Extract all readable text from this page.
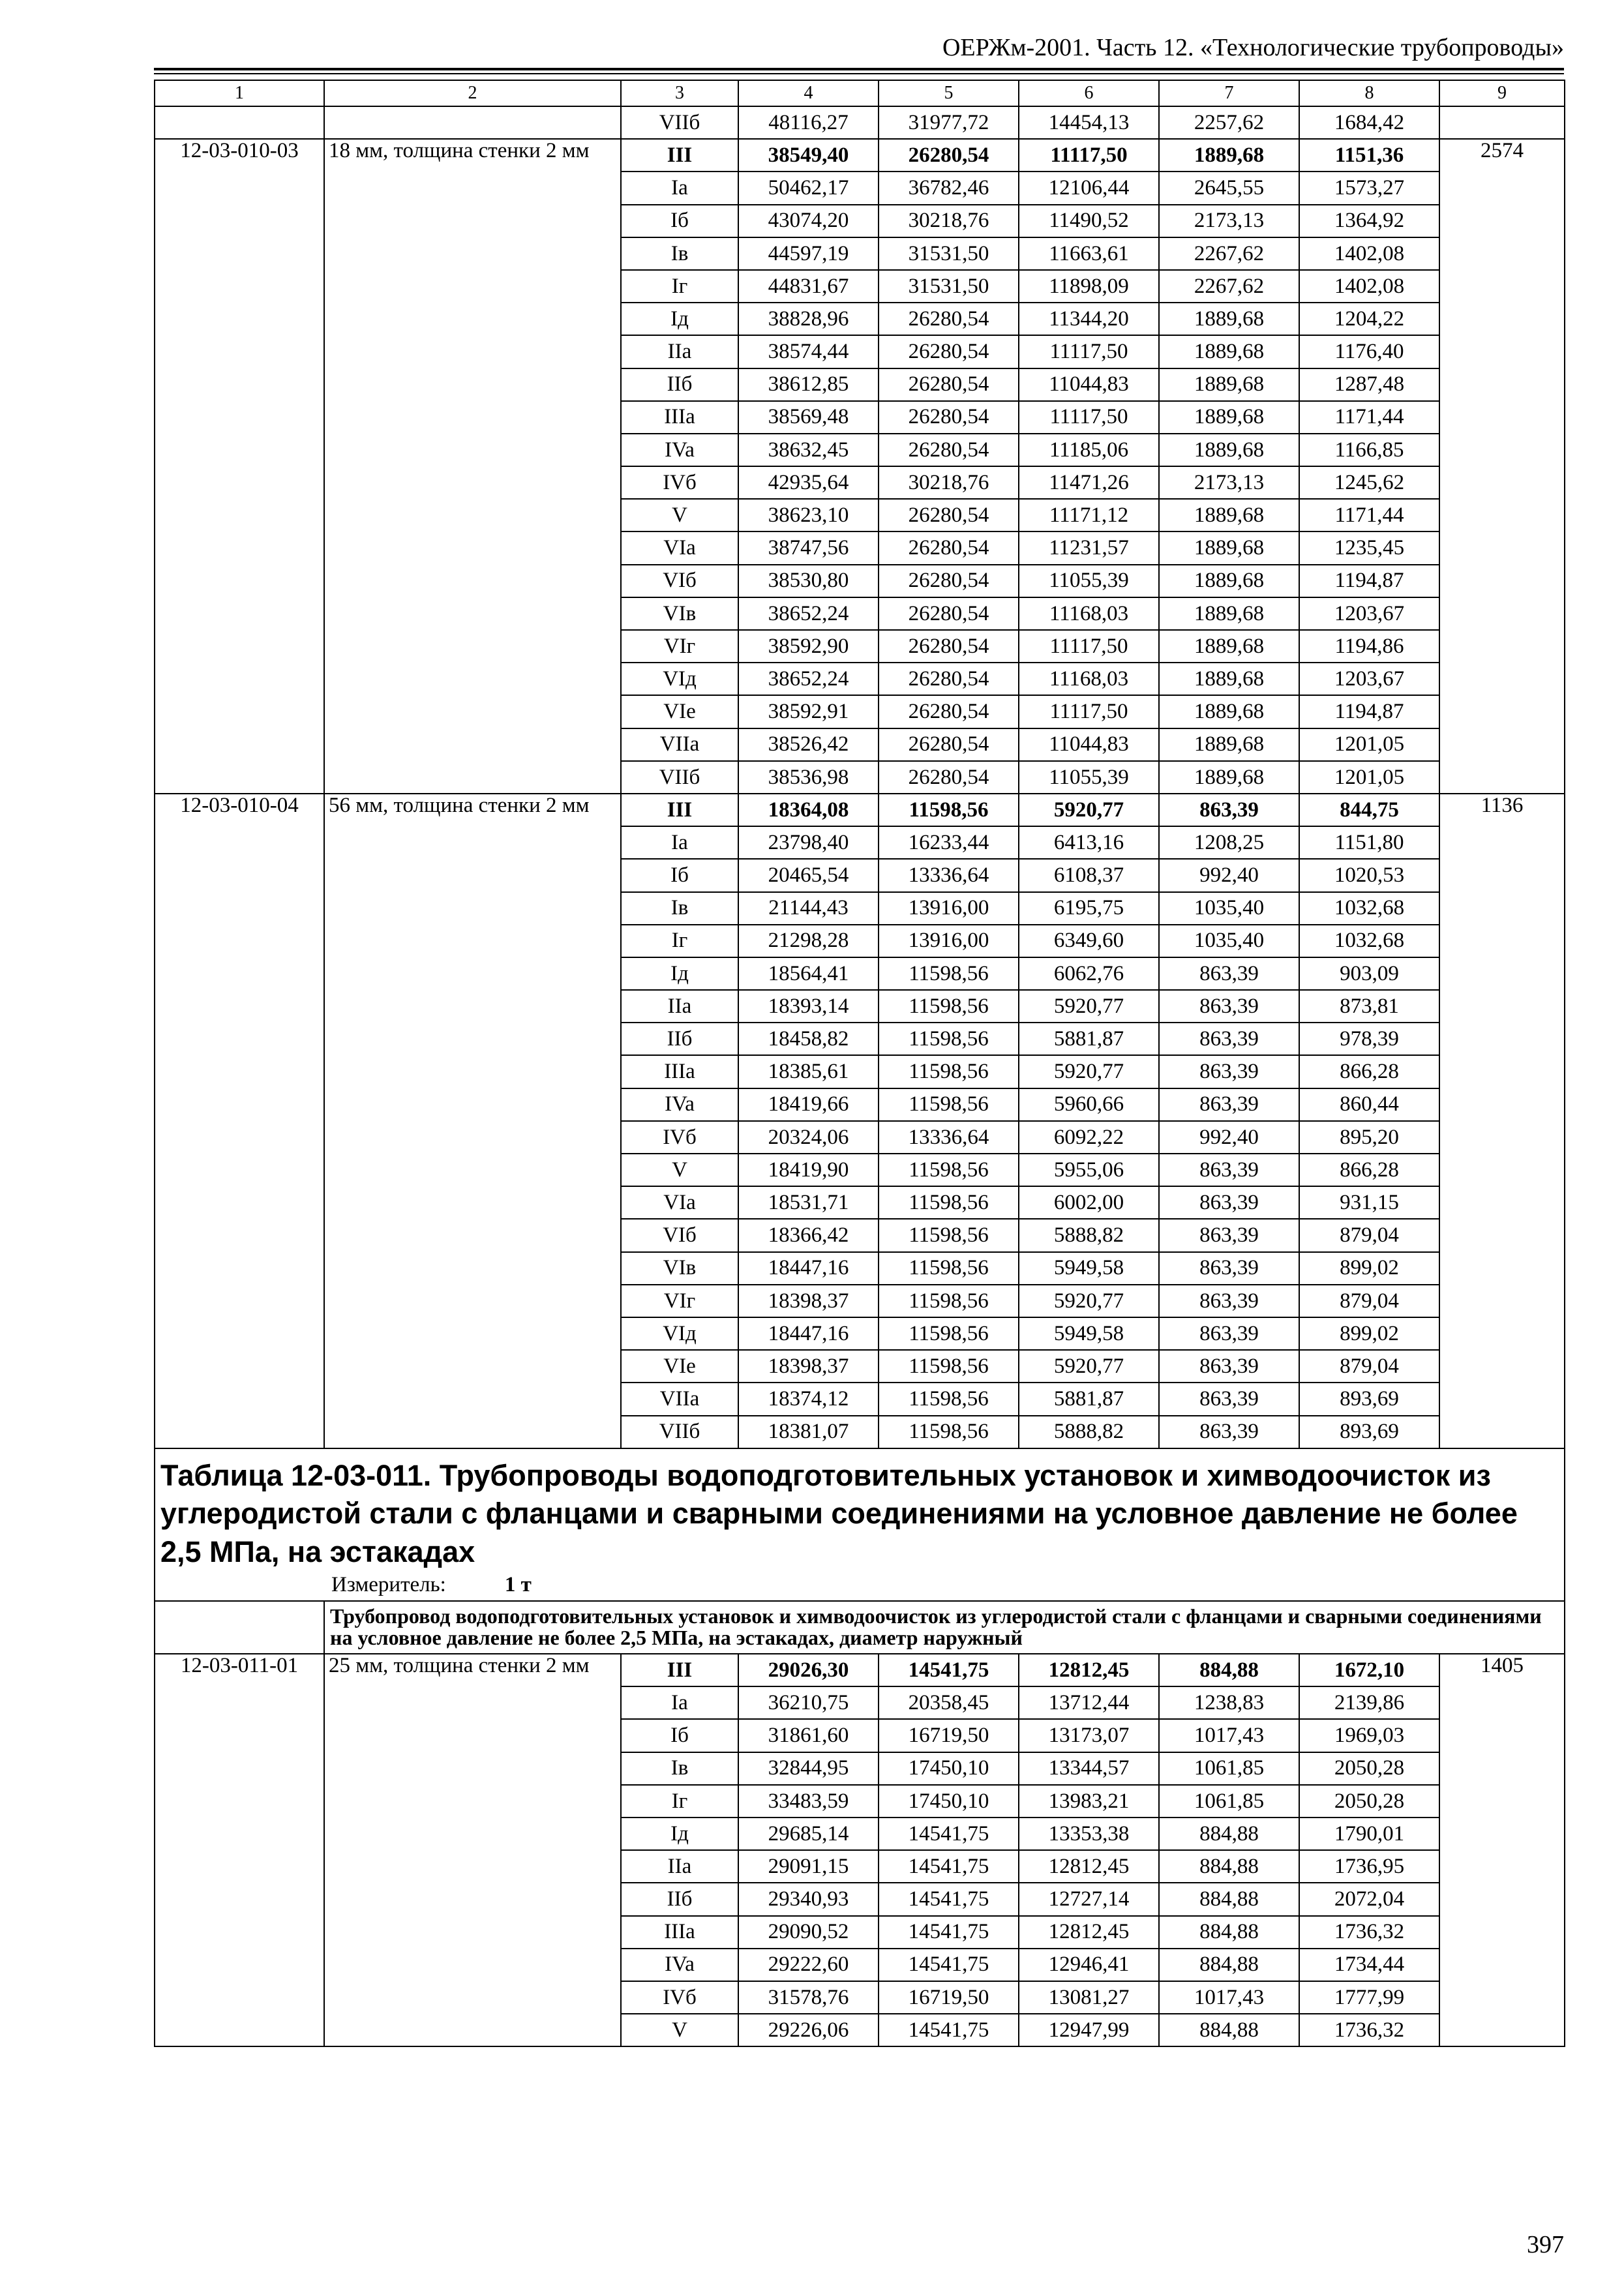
ОЕРЖм-2001. Часть 12. «Технологические трубопроводы»
1	2	3	4	5	6	7	8	9
		VIIб	48116,27	31977,72	14454,13	2257,62	1684,42	
12-03-010-03	18 мм, толщина стенки 2 мм	III	38549,40	26280,54	11117,50	1889,68	1151,36	2574
		Ia	50462,17	36782,46	12106,44	2645,55	1573,27	
		Iб	43074,20	30218,76	11490,52	2173,13	1364,92	
		Iв	44597,19	31531,50	11663,61	2267,62	1402,08	
		Iг	44831,67	31531,50	11898,09	2267,62	1402,08	
		Iд	38828,96	26280,54	11344,20	1889,68	1204,22	
		IIa	38574,44	26280,54	11117,50	1889,68	1176,40	
		IIб	38612,85	26280,54	11044,83	1889,68	1287,48	
		IIIa	38569,48	26280,54	11117,50	1889,68	1171,44	
		IVa	38632,45	26280,54	11185,06	1889,68	1166,85	
		IVб	42935,64	30218,76	11471,26	2173,13	1245,62	
		V	38623,10	26280,54	11171,12	1889,68	1171,44	
		VIa	38747,56	26280,54	11231,57	1889,68	1235,45	
		VIб	38530,80	26280,54	11055,39	1889,68	1194,87	
		VIв	38652,24	26280,54	11168,03	1889,68	1203,67	
		VIг	38592,90	26280,54	11117,50	1889,68	1194,86	
		VIд	38652,24	26280,54	11168,03	1889,68	1203,67	
		VIe	38592,91	26280,54	11117,50	1889,68	1194,87	
		VIIa	38526,42	26280,54	11044,83	1889,68	1201,05	
		VIIб	38536,98	26280,54	11055,39	1889,68	1201,05	
12-03-010-04	56 мм, толщина стенки 2 мм	III	18364,08	11598,56	5920,77	863,39	844,75	1136
		Ia	23798,40	16233,44	6413,16	1208,25	1151,80	
		Iб	20465,54	13336,64	6108,37	992,40	1020,53	
		Iв	21144,43	13916,00	6195,75	1035,40	1032,68	
		Iг	21298,28	13916,00	6349,60	1035,40	1032,68	
		Iд	18564,41	11598,56	6062,76	863,39	903,09	
		IIa	18393,14	11598,56	5920,77	863,39	873,81	
		IIб	18458,82	11598,56	5881,87	863,39	978,39	
		IIIa	18385,61	11598,56	5920,77	863,39	866,28	
		IVa	18419,66	11598,56	5960,66	863,39	860,44	
		IVб	20324,06	13336,64	6092,22	992,40	895,20	
		V	18419,90	11598,56	5955,06	863,39	866,28	
		VIa	18531,71	11598,56	6002,00	863,39	931,15	
		VIб	18366,42	11598,56	5888,82	863,39	879,04	
		VIв	18447,16	11598,56	5949,58	863,39	899,02	
		VIг	18398,37	11598,56	5920,77	863,39	879,04	
		VIд	18447,16	11598,56	5949,58	863,39	899,02	
		VIe	18398,37	11598,56	5920,77	863,39	879,04	
		VIIa	18374,12	11598,56	5881,87	863,39	893,69	
		VIIб	18381,07	11598,56	5888,82	863,39	893,69	

Таблица 12-03-011. Трубопроводы водоподготовительных установок и химводоочисток из углеродистой стали с фланцами и сварными соединениями на условное давление не более 2,5 МПа, на эстакадах
Измеритель: 1 т								

	Трубопровод водоподготовительных установок и химводоочисток из углеродистой стали с фланцами и сварными соединениями на условное давление не более 2,5 МПа, на эстакадах, диаметр наружный							
12-03-011-01	25 мм, толщина стенки 2 мм	III	29026,30	14541,75	12812,45	884,88	1672,10	1405
		Ia	36210,75	20358,45	13712,44	1238,83	2139,86	
		Iб	31861,60	16719,50	13173,07	1017,43	1969,03	
		Iв	32844,95	17450,10	13344,57	1061,85	2050,28	
		Iг	33483,59	17450,10	13983,21	1061,85	2050,28	
		Iд	29685,14	14541,75	13353,38	884,88	1790,01	
		IIa	29091,15	14541,75	12812,45	884,88	1736,95	
		IIб	29340,93	14541,75	12727,14	884,88	2072,04	
		IIIa	29090,52	14541,75	12812,45	884,88	1736,32	
		IVa	29222,60	14541,75	12946,41	884,88	1734,44	
		IVб	31578,76	16719,50	13081,27	1017,43	1777,99	
		V	29226,06	14541,75	12947,99	884,88	1736,32	
397
